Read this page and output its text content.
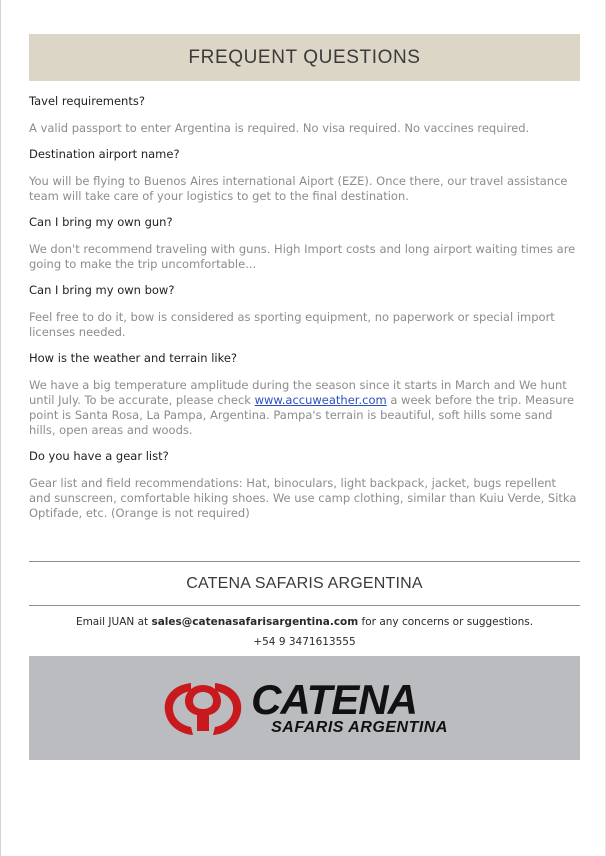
FREQUENT QUESTIONS

Tavel requirements?

A valid passport to enter Argentina is required. No visa required. No vaccines required.

Destination airport name?

You will be flying to Buenos Aires international Aiport (EZE). Once there, our travel assistance team will take care of your logistics to get to the final destination.

Can I bring my own gun?

We don't recommend traveling with guns. High Import costs and long airport waiting times are going to make the trip uncomfortable...

Can I bring my own bow?

Feel free to do it, bow is considered as sporting equipment, no paperwork or special import licenses needed.

How is the weather and terrain like?

We have a big temperature amplitude during the season since it starts in March and We hunt until July. To be accurate, please check www.accuweather.com a week before the trip. Measure point is Santa Rosa, La Pampa, Argentina. Pampa's terrain is beautiful, soft hills some sand hills, open areas and woods.

Do you have a gear list?

Gear list and field recommendations: Hat, binoculars, light backpack, jacket, bugs repellent and sunscreen, comfortable hiking shoes. We use camp clothing, similar than Kuiu Verde, Sitka Optifade, etc. (Orange is not required)

CATENA SAFARIS ARGENTINA
Email JUAN at sales@catenasafarisargentina.com for any concerns or suggestions.
+54 9 3471613555
CATENA
SAFARIS ARGENTINA
